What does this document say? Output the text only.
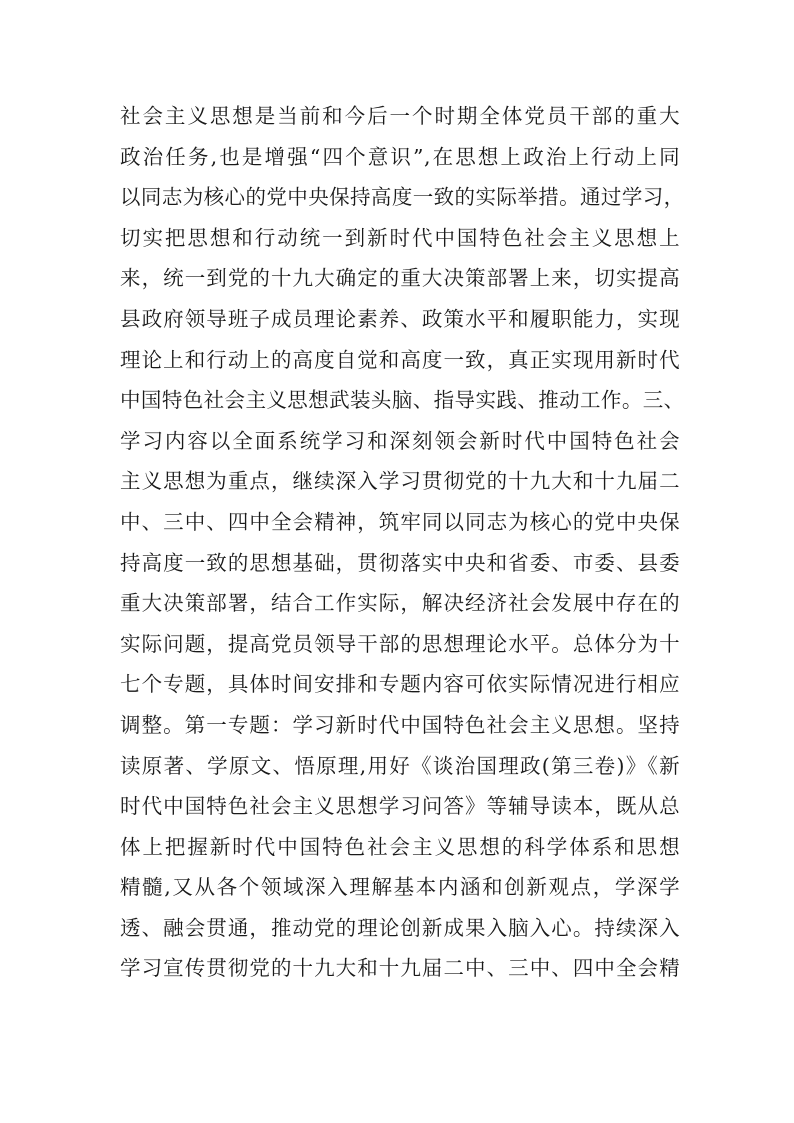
社会主义思想是当前和今后一个时期全体党员干部的重大
政治任务,也是增强“四个意识”,在思想上政治上行动上同
以同志为核心的党中央保持高度一致的实际举措。通过学习，
切实把思想和行动统一到新时代中国特色社会主义思想上
来，统一到党的十九大确定的重大决策部署上来，切实提高
县政府领导班子成员理论素养、政策水平和履职能力，实现
理论上和行动上的高度自觉和高度一致，真正实现用新时代
中国特色社会主义思想武装头脑、指导实践、推动工作。三、
学习内容以全面系统学习和深刻领会新时代中国特色社会
主义思想为重点，继续深入学习贯彻党的十九大和十九届二
中、三中、四中全会精神，筑牢同以同志为核心的党中央保
持高度一致的思想基础，贯彻落实中央和省委、市委、县委
重大决策部署，结合工作实际，解决经济社会发展中存在的
实际问题，提高党员领导干部的思想理论水平。总体分为十
七个专题，具体时间安排和专题内容可依实际情况进行相应
调整。第一专题：学习新时代中国特色社会主义思想。坚持
读原著、学原文、悟原理,用好《谈治国理政(第三卷)》《新
时代中国特色社会主义思想学习问答》等辅导读本，既从总
体上把握新时代中国特色社会主义思想的科学体系和思想
精髓,又从各个领域深入理解基本内涵和创新观点，学深学
透、融会贯通，推动党的理论创新成果入脑入心。持续深入
学习宣传贯彻党的十九大和十九届二中、三中、四中全会精
